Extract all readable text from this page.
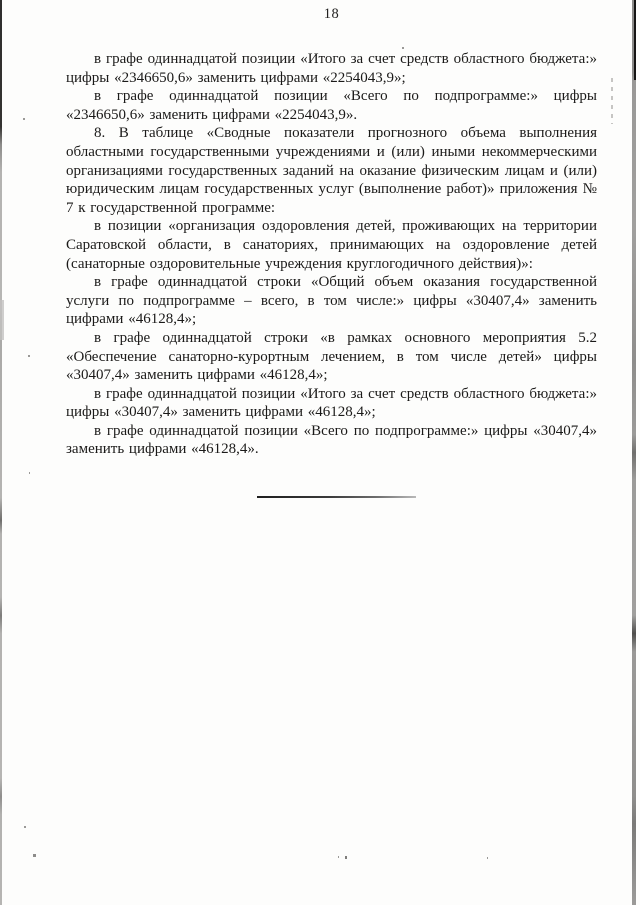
18

в графе одиннадцатой позиции «Итого за счет средств областного бюджета:» цифры «2346650,6» заменить цифрами «2254043,9»;

в графе одиннадцатой позиции «Всего по подпрограмме:» цифры «2346650,6» заменить цифрами «2254043,9».

8. В таблице «Сводные показатели прогнозного объема выполнения областными государственными учреждениями и (или) иными некоммерческими организациями государственных заданий на оказание физическим лицам и (или) юридическим лицам государственных услуг (выполнение работ)» приложения № 7 к государственной программе:

в позиции «организация оздоровления детей, проживающих на территории Саратовской области, в санаториях, принимающих на оздоровление детей (санаторные оздоровительные учреждения круглогодичного действия)»:

в графе одиннадцатой строки «Общий объем оказания государственной услуги по подпрограмме – всего, в том числе:» цифры «30407,4» заменить цифрами «46128,4»;

в графе одиннадцатой строки «в рамках основного мероприятия 5.2 «Обеспечение санаторно-курортным лечением, в том числе детей» цифры «30407,4» заменить цифрами «46128,4»;

в графе одиннадцатой позиции «Итого за счет средств областного бюджета:» цифры «30407,4» заменить цифрами «46128,4»;

в графе одиннадцатой позиции «Всего по подпрограмме:» цифры «30407,4» заменить цифрами «46128,4».
